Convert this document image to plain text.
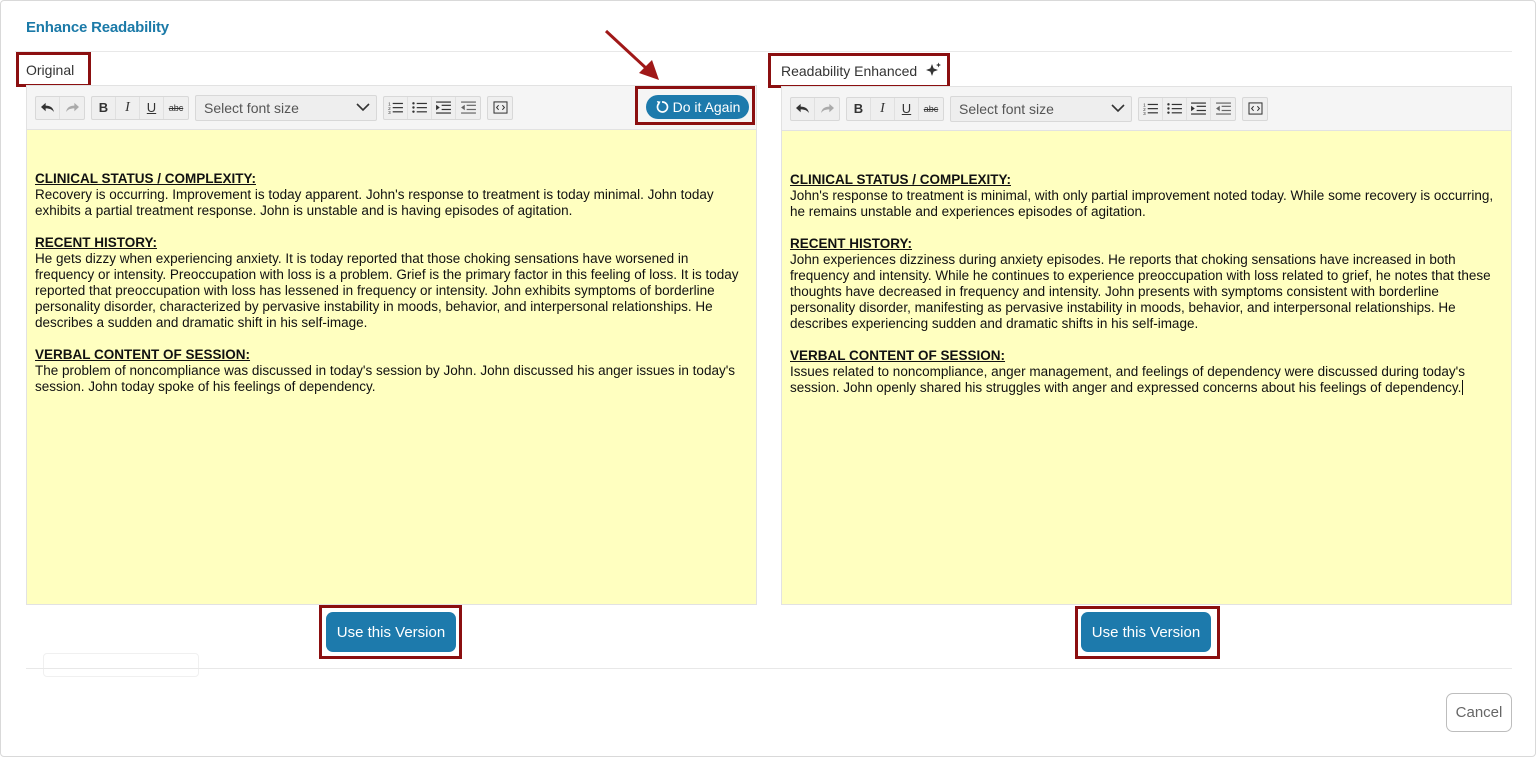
Enhance Readability
Original
B	I	U	abc	Select font size	1
2
3	Do it Again

CLINICAL STATUS / COMPLEXITY:
Recovery is occurring. Improvement is today apparent. John's response to treatment is today minimal. John today exhibits a partial treatment response. John is unstable and is having episodes of agitation.

RECENT HISTORY:
He gets dizzy when experiencing anxiety. It is today reported that those choking sensations have worsened in frequency or intensity. Preoccupation with loss is a problem. Grief is the primary factor in this feeling of loss. It is today reported that preoccupation with loss has lessened in frequency or intensity. John exhibits symptoms of borderline personality disorder, characterized by pervasive instability in moods, behavior, and interpersonal relationships. He describes a sudden and dramatic shift in his self-image.

VERBAL CONTENT OF SESSION:
The problem of noncompliance was discussed in today's session by John. John discussed his anger issues in today's session. John today spoke of his feelings of dependency.

Use this Version
Readability Enhanced
B	I	U	abc	Select font size	1
2
3

CLINICAL STATUS / COMPLEXITY:
John's response to treatment is minimal, with only partial improvement noted today. While some recovery is occurring, he remains unstable and experiences episodes of agitation.

RECENT HISTORY:
John experiences dizziness during anxiety episodes. He reports that choking sensations have increased in both frequency and intensity. While he continues to experience preoccupation with loss related to grief, he notes that these thoughts have decreased in frequency and intensity. John presents with symptoms consistent with borderline personality disorder, manifesting as pervasive instability in moods, behavior, and interpersonal relationships. He describes experiencing sudden and dramatic shifts in his self-image.

VERBAL CONTENT OF SESSION:
Issues related to noncompliance, anger management, and feelings of dependency were discussed during today's session. John openly shared his struggles with anger and expressed concerns about his feelings of dependency.

Use this Version
Cancel
